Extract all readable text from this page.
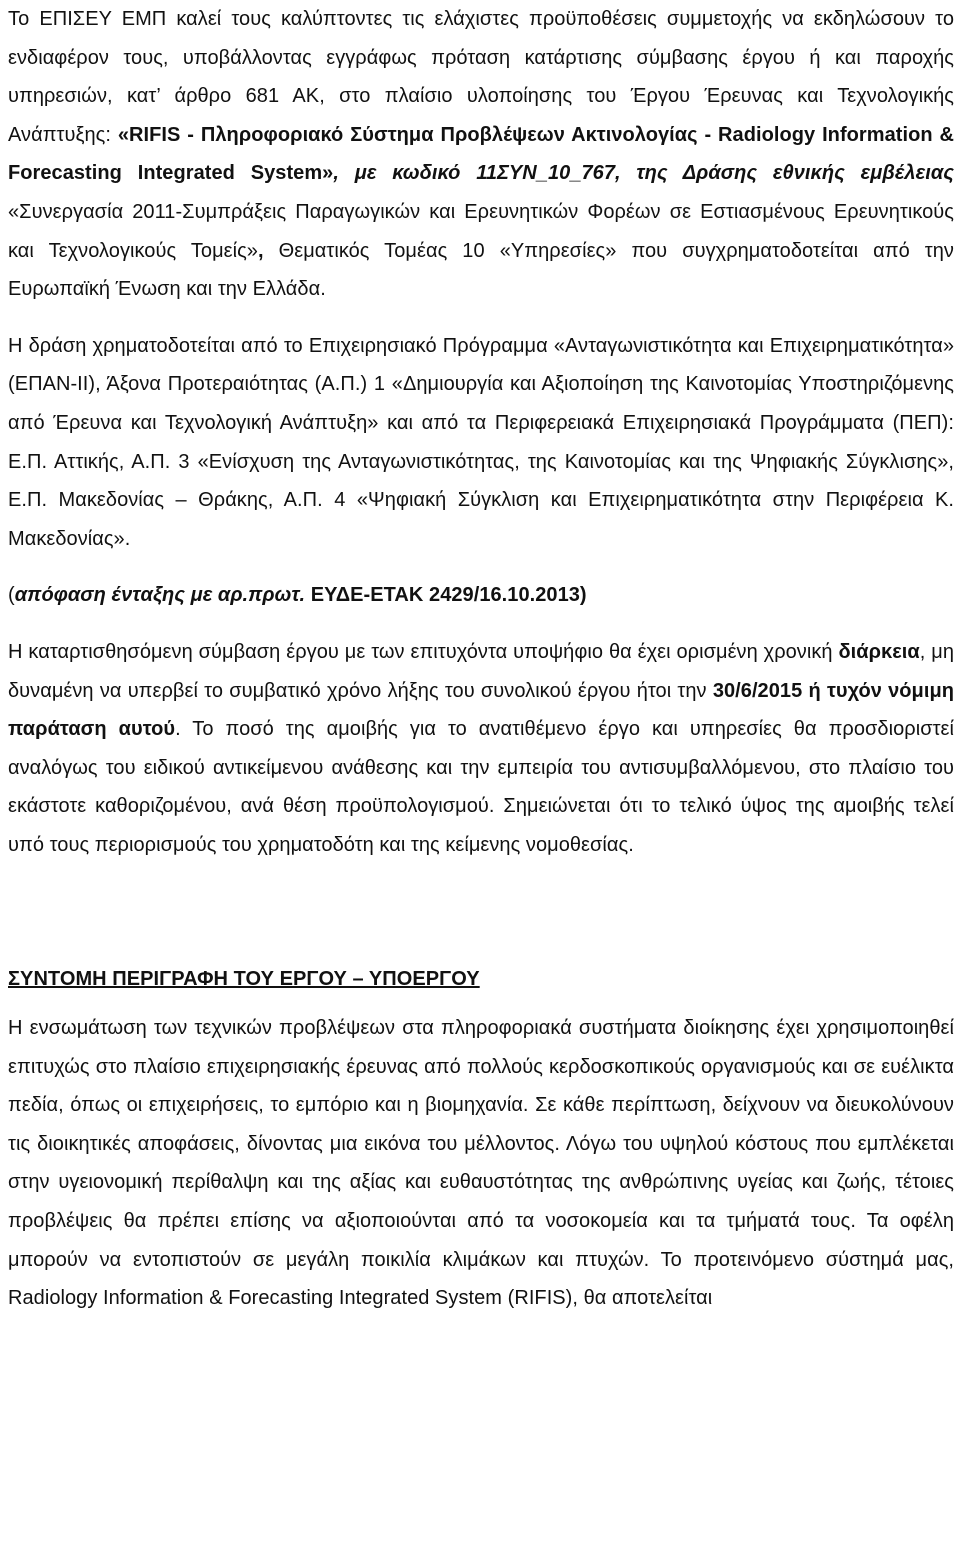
Το ΕΠΙΣΕΥ ΕΜΠ καλεί τους καλύπτοντες τις ελάχιστες προϋποθέσεις συμμετοχής να εκδηλώσουν το ενδιαφέρον τους, υποβάλλοντας εγγράφως πρόταση κατάρτισης σύμβασης έργου ή και παροχής υπηρεσιών, κατ’ άρθρο 681 ΑΚ, στο πλαίσιο υλοποίησης του Έργου Έρευνας και Τεχνολογικής Ανάπτυξης: «RIFIS - Πληροφοριακό Σύστημα Προβλέψεων Ακτινολογίας - Radiology Information & Forecasting Integrated System», με κωδικό 11ΣΥΝ_10_767, της Δράσης εθνικής εμβέλειας «Συνεργασία 2011-Συμπράξεις Παραγωγικών και Ερευνητικών Φορέων σε Εστιασμένους Ερευνητικούς και Τεχνολογικούς Τομείς», Θεματικός Τομέας 10 «Υπηρεσίες» που συγχρηματοδοτείται από την Ευρωπαϊκή Ένωση και την Ελλάδα.

Η δράση χρηματοδοτείται από το Επιχειρησιακό Πρόγραμμα «Ανταγωνιστικότητα και Επιχειρηματικότητα» (ΕΠΑΝ-ΙΙ), Άξονα Προτεραιότητας (Α.Π.) 1 «Δημιουργία και Αξιοποίηση της Καινοτομίας Υποστηριζόμενης από Έρευνα και Τεχνολογική Ανάπτυξη» και από τα Περιφερειακά Επιχειρησιακά Προγράμματα (ΠΕΠ): Ε.Π. Αττικής, Α.Π. 3 «Ενίσχυση της Ανταγωνιστικότητας, της Καινοτομίας και της Ψηφιακής Σύγκλισης», Ε.Π. Μακεδονίας – Θράκης, Α.Π. 4 «Ψηφιακή Σύγκλιση και Επιχειρηματικότητα στην Περιφέρεια Κ. Μακεδονίας».

(απόφαση ένταξης με αρ.πρωτ. ΕΥΔΕ-ΕΤΑΚ 2429/16.10.2013)

Η καταρτισθησόμενη σύμβαση έργου με των επιτυχόντα υποψήφιο θα έχει ορισμένη χρονική διάρκεια, μη δυναμένη να υπερβεί το συμβατικό χρόνο λήξης του συνολικού έργου ήτοι την 30/6/2015 ή τυχόν νόμιμη παράταση αυτού. Το ποσό της αμοιβής για το ανατιθέμενο έργο και υπηρεσίες θα προσδιοριστεί αναλόγως του ειδικού αντικείμενου ανάθεσης και την εμπειρία του αντισυμβαλλόμενου, στο πλαίσιο του εκάστοτε καθοριζομένου, ανά θέση προϋπολογισμού. Σημειώνεται ότι το τελικό ύψος της αμοιβής τελεί υπό τους περιορισμούς του χρηματοδότη και της κείμενης νομοθεσίας.

ΣΥΝΤΟΜΗ ΠΕΡΙΓΡΑΦΗ ΤΟΥ ΕΡΓΟΥ – ΥΠΟΕΡΓΟΥ

Η ενσωμάτωση των τεχνικών προβλέψεων στα πληροφοριακά συστήματα διοίκησης έχει χρησιμοποιηθεί επιτυχώς στο πλαίσιο επιχειρησιακής έρευνας από πολλούς κερδοσκοπικούς οργανισμούς και σε ευέλικτα πεδία, όπως οι επιχειρήσεις, το εμπόριο και η βιομηχανία. Σε κάθε περίπτωση, δείχνουν να διευκολύνουν τις διοικητικές αποφάσεις, δίνοντας μια εικόνα του μέλλοντος. Λόγω του υψηλού κόστους που εμπλέκεται στην υγειονομική περίθαλψη και της αξίας και ευθαυστότητας της ανθρώπινης υγείας και ζωής, τέτοιες προβλέψεις θα πρέπει επίσης να αξιοποιούνται από τα νοσοκομεία και τα τμήματά τους. Τα οφέλη μπορούν να εντοπιστούν σε μεγάλη ποικιλία κλιμάκων και πτυχών. Το προτεινόμενο σύστημά μας, Radiology Information & Forecasting Integrated System (RIFIS), θα αποτελείται
